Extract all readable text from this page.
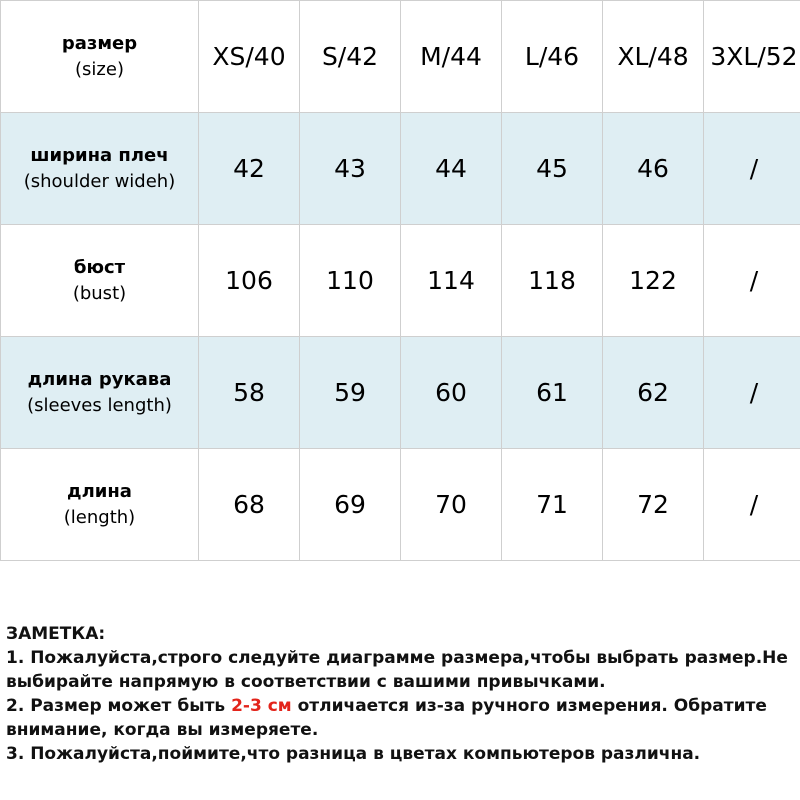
размер
(size)	XS/40	S/42	M/44	L/46	XL/48	3XL/52

ширина плеч
(shoulder wideh)	42	43	44	45	46	/

бюст
(bust)	106	110	114	118	122	/

длина рукава
(sleeves length)	58	59	60	61	62	/

длина
(length)	68	69	70	71	72	/

ЗАМЕТКА:

1. Пожалуйста,строго следуйте диаграмме размера,чтобы выбрать размер.Не выбирайте напрямую в соответствии с вашими привычками.

2. Размер может быть 2-3 см отличается из-за ручного измерения. Обратите внимание, когда вы измеряете.

3. Пожалуйста,поймите,что разница в цветах компьютеров различна.
